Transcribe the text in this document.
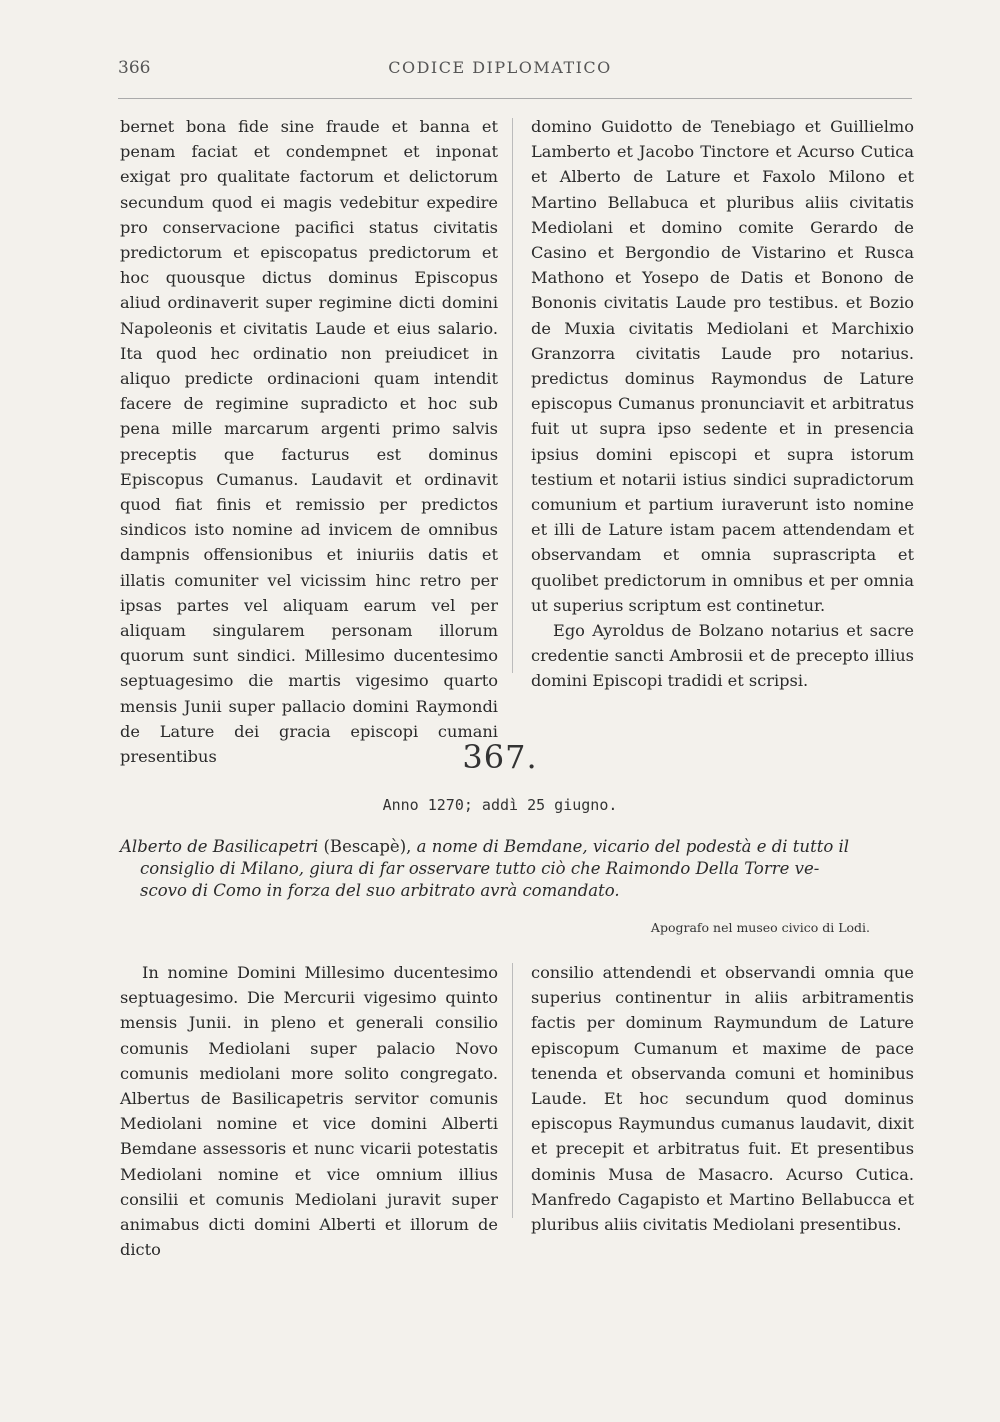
366	CODICE DIPLOMATICO

bernet bona fide sine fraude et banna et penam faciat et condempnet et inponat exigat pro qualitate factorum et delictorum secundum quod ei magis vedebitur expedire pro conservacione pacifici status civitatis predictorum et episcopatus predictorum et hoc quousque dictus dominus Episcopus aliud ordinaverit super regimine dicti domini Napoleonis et civitatis Laude et eius salario. Ita quod hec ordinatio non preiudicet in aliquo predicte ordinacioni quam intendit facere de regimine supradicto et hoc sub pena mille marcarum argenti primo salvis preceptis que facturus est dominus Episcopus Cumanus. Laudavit et ordinavit quod fiat finis et remissio per predictos sindicos isto nomine ad invicem de omnibus dampnis offensionibus et iniuriis datis et illatis comuniter vel vicissim hinc retro per ipsas partes vel aliquam earum vel per aliquam singularem personam illorum quorum sunt sindici. Millesimo ducentesimo septuagesimo die martis vigesimo quarto mensis Junii super pallacio domini Raymondi de Lature dei gracia episcopi cumani presentibus

domino Guidotto de Tenebiago et Guillielmo Lamberto et Jacobo Tinctore et Acurso Cutica et Alberto de Lature et Faxolo Milono et Martino Bellabuca et pluribus aliis civitatis Mediolani et domino comite Gerardo de Casino et Bergondio de Vistarino et Rusca Mathono et Yosepo de Datis et Bonono de Bononis civitatis Laude pro testibus. et Bozio de Muxia civitatis Mediolani et Marchixio Granzorra civitatis Laude pro notarius. predictus dominus Raymondus de Lature episcopus Cumanus pronunciavit et arbitratus fuit ut supra ipso sedente et in presencia ipsius domini episcopi et supra istorum testium et notarii istius sindici supradictorum comunium et partium iuraverunt isto nomine et illi de Lature istam pacem attendendam et observandam et omnia suprascripta et quolibet predictorum in omnibus et per omnia ut superius scriptum est continetur.

Ego Ayroldus de Bolzano notarius et sacre credentie sancti Ambrosii et de precepto illius domini Episcopi tradidi et scripsi.

367.
Anno 1270; addì 25 giugno.
Alberto de Basilicapetri (Bescapè), a nome di Bemdane, vicario del podestà e di tutto il
consiglio di Milano, giura di far osservare tutto ciò che Raimondo Della Torre ve-
scovo di Como in forza del suo arbitrato avrà comandato.
Apografo nel museo civico di Lodi.

In nomine Domini Millesimo ducentesimo septuagesimo. Die Mercurii vigesimo quinto mensis Junii. in pleno et generali consilio comunis Mediolani super palacio Novo comunis mediolani more solito congregato. Albertus de Basilicapetris servitor comunis Mediolani nomine et vice domini Alberti Bemdane assessoris et nunc vicarii potestatis Mediolani nomine et vice omnium illius consilii et comunis Mediolani juravit super animabus dicti domini Alberti et illorum de dicto

consilio attendendi et observandi omnia que superius continentur in aliis arbitramentis factis per dominum Raymundum de Lature episcopum Cumanum et maxime de pace tenenda et observanda comuni et hominibus Laude. Et hoc secundum quod dominus episcopus Raymundus cumanus laudavit, dixit et precepit et arbitratus fuit. Et presentibus dominis Musa de Masacro. Acurso Cutica. Manfredo Cagapisto et Martino Bellabucca et pluribus aliis civitatis Mediolani presentibus.
